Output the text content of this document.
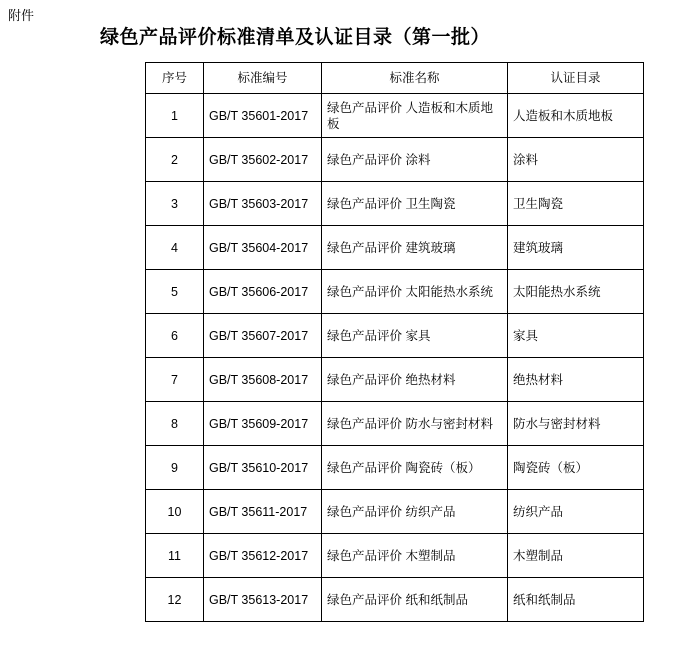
附件
绿色产品评价标准清单及认证目录（第一批）
序号	标准编号	标准名称	认证目录
1	GB/T 35601-2017	绿色产品评价 人造板和木质地板	人造板和木质地板
2	GB/T 35602-2017	绿色产品评价 涂料	涂料
3	GB/T 35603-2017	绿色产品评价 卫生陶瓷	卫生陶瓷
4	GB/T 35604-2017	绿色产品评价 建筑玻璃	建筑玻璃
5	GB/T 35606-2017	绿色产品评价 太阳能热水系统	太阳能热水系统
6	GB/T 35607-2017	绿色产品评价 家具	家具
7	GB/T 35608-2017	绿色产品评价 绝热材料	绝热材料
8	GB/T 35609-2017	绿色产品评价 防水与密封材料	防水与密封材料
9	GB/T 35610-2017	绿色产品评价 陶瓷砖（板）	陶瓷砖（板）
10	GB/T 35611-2017	绿色产品评价 纺织产品	纺织产品
11	GB/T 35612-2017	绿色产品评价 木塑制品	木塑制品
12	GB/T 35613-2017	绿色产品评价 纸和纸制品	纸和纸制品
